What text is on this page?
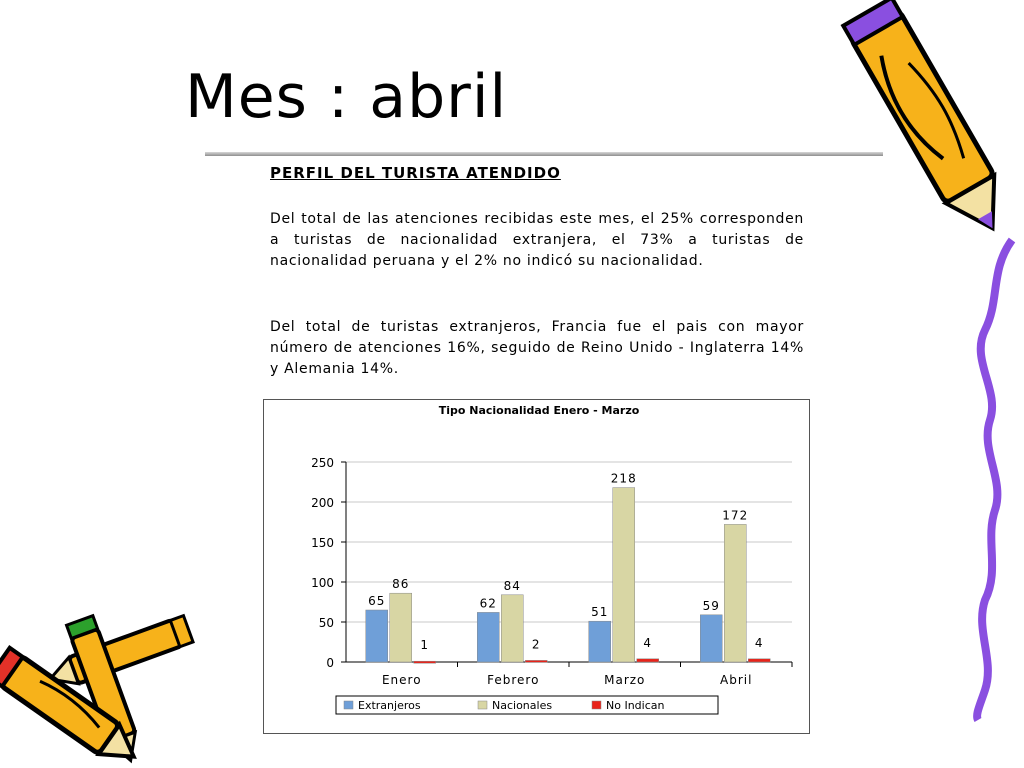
Mes : abril
PERFIL DEL TURISTA ATENDIDO
Del total de las atenciones recibidas este mes, el 25% corresponden a turistas de nacionalidad extranjera, el 73% a turistas de nacionalidad peruana y el 2% no indicó su nacionalidad.
Del total de turistas extranjeros, Francia fue el pais con mayor número de atenciones 16%, seguido de Reino Unido - Inglaterra 14% y Alemania 14%.
Tipo Nacionalidad Enero - Marzo
0
50
100
150
200
250
65
86
1
Enero
62
84
2
Febrero
51
218
4
Marzo
59
172
4
Abril
Extranjeros	Nacionales	No Indican
